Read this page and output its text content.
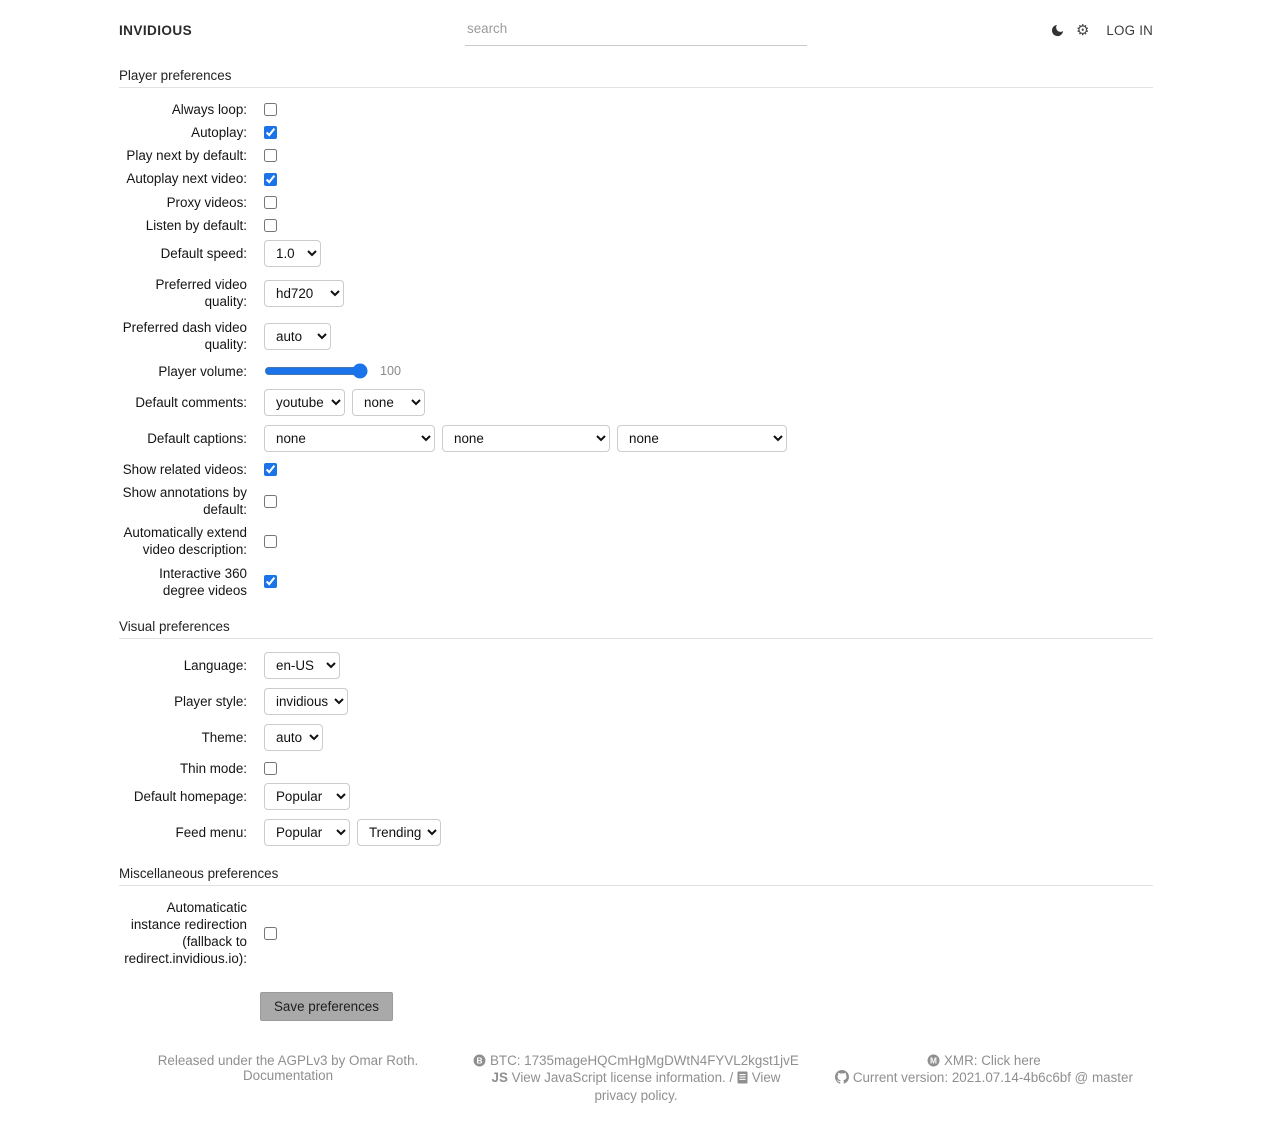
INVIDIOUS
search	⚙ LOG IN
Player preferences
Always loop:
Autoplay:
Play next by default:
Autoplay next video:
Proxy videos:
Listen by default:
Default speed:
1.0
Preferred video quality:
hd720
Preferred dash video quality:
auto
Player volume:	100
Default comments:
youtube
none
Default captions:
none
none
none
Show related videos:
Show annotations by default:
Automatically extend video description:
Interactive 360 degree videos
Visual preferences
Language:
en-US
Player style:
invidious
Theme:
auto
Thin mode:
Default homepage:
Popular
Feed menu:
Popular
Trending
Miscellaneous preferences
Automaticatic instance redirection (fallback to redirect.invidious.io):
Save preferences
Released under the AGPLv3 by Omar Roth.
Documentation
B BTC: 1735mageHQCmHgMgDWtN4FYVL2kgst1jvE
JS View JavaScript license information. / View privacy policy.
M XMR: Click here
Current version: 2021.07.14-4b6c6bf @ master
